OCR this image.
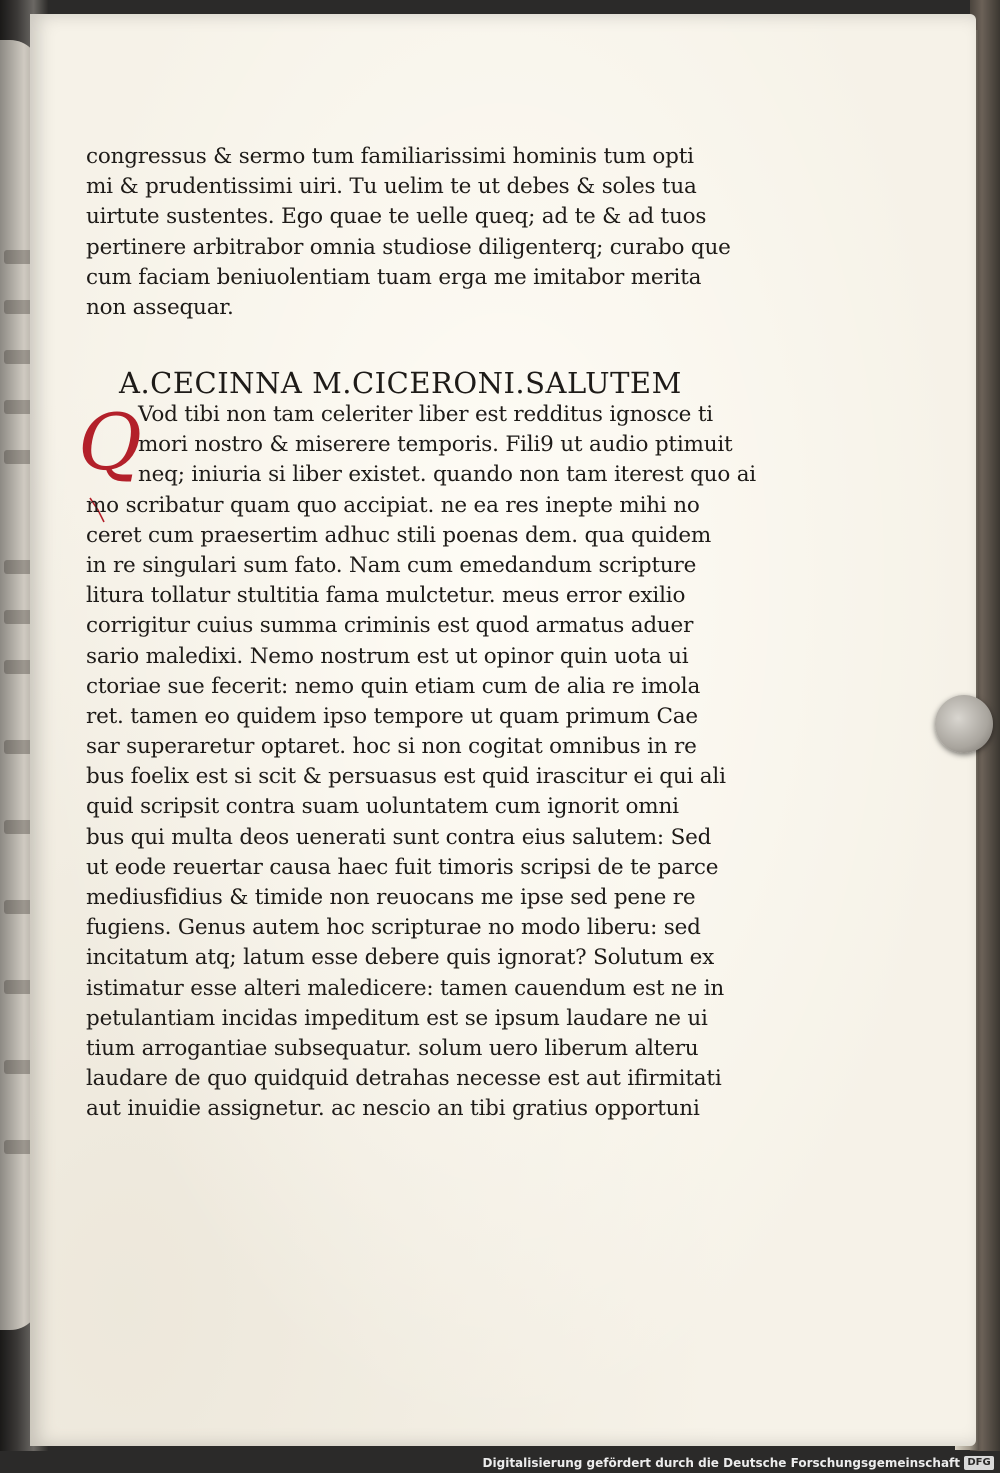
congressus & sermo tum familiarissimi hominis tum opti
mi & prudentissimi uiri. Tu uelim te ut debes & soles tua
uirtute sustentes. Ego quae te uelle queq; ad te & ad tuos
pertinere arbitrabor omnia studiose diligenterq; curabo que
cum faciam beniuolentiam tuam erga me imitabor merita
non assequar.
A.CECINNA M.CICERONI.SALUTEM
Q
Vod tibi non tam celeriter liber est redditus ignosce ti
mori nostro & miserere temporis. Fili9 ut audio ptimuit
neq; iniuria si liber existet. quando non tam iterest quo ai
mo scribatur quam quo accipiat. ne ea res inepte mihi no
ceret cum praesertim adhuc stili poenas dem. qua quidem
in re singulari sum fato. Nam cum emedandum scripture
litura tollatur stultitia fama mulctetur. meus error exilio
corrigitur cuius summa criminis est quod armatus aduer
sario maledixi. Nemo nostrum est ut opinor quin uota ui
ctoriae sue fecerit: nemo quin etiam cum de alia re imola
ret. tamen eo quidem ipso tempore ut quam primum Cae
sar superaretur optaret. hoc si non cogitat omnibus in re
bus foelix est si scit & persuasus est quid irascitur ei qui ali
quid scripsit contra suam uoluntatem cum ignorit omni
bus qui multa deos uenerati sunt contra eius salutem: Sed
ut eode reuertar causa haec fuit timoris scripsi de te parce
mediusfidius & timide non reuocans me ipse sed pene re
fugiens. Genus autem hoc scripturae no modo liberu: sed
incitatum atq; latum esse debere quis ignorat? Solutum ex
istimatur esse alteri maledicere: tamen cauendum est ne in
petulantiam incidas impeditum est se ipsum laudare ne ui
tium arrogantiae subsequatur. solum uero liberum alteru
laudare de quo quidquid detrahas necesse est aut ifirmitati
aut inuidie assignetur. ac nescio an tibi gratius opportuni
Digitalisierung gefördert durch die Deutsche Forschungsgemeinschaft DFG
